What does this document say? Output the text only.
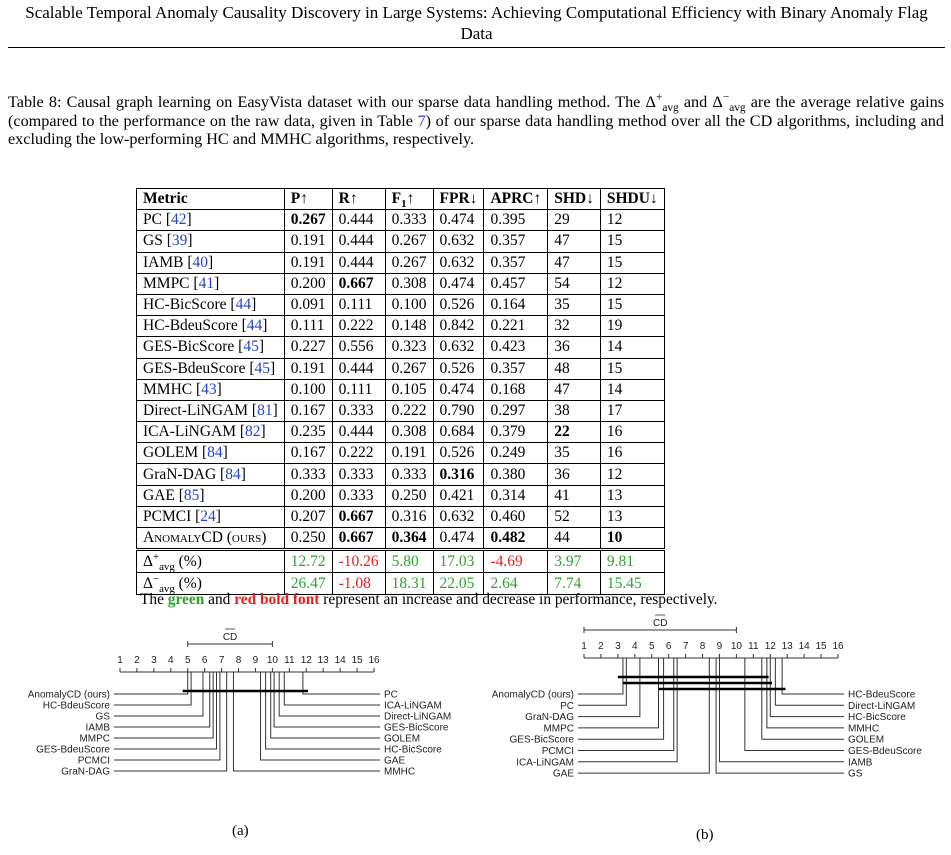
Scalable Temporal Anomaly Causality Discovery in Large Systems: Achieving Computational Efficiency with Binary Anomaly Flag Data
Table 8: Causal graph learning on EasyVista dataset with our sparse data handling method. The $\Delta^+_{avg}$ and $\Delta^-_{avg}$ are the average relative gains (compared to the performance on the raw data, given in Table 7) of our sparse data handling method over all the CD algorithms, including and excluding the low-performing HC and MMHC algorithms, respectively.
Metric	P↑	R↑	$F_1↑$	FPR↓	APRC↑	SHD↓	SHDU↓
PC [42]	0.267	0.444	0.333	0.474	0.395	29	12
GS [39]	0.191	0.444	0.267	0.632	0.357	47	15
IAMB [40]	0.191	0.444	0.267	0.632	0.357	47	15
MMPC [41]	0.200	0.667	0.308	0.474	0.457	54	12
HC-BicScore [44]	0.091	0.111	0.100	0.526	0.164	35	15
HC-BdeuScore [44]	0.111	0.222	0.148	0.842	0.221	32	19
GES-BicScore [45]	0.227	0.556	0.323	0.632	0.423	36	14
GES-BdeuScore [45]	0.191	0.444	0.267	0.526	0.357	48	15
MMHC [43]	0.100	0.111	0.105	0.474	0.168	47	14
Direct-LiNGAM [81]	0.167	0.333	0.222	0.790	0.297	38	17
ICA-LiNGAM [82]	0.235	0.444	0.308	0.684	0.379	22	16
GOLEM [84]	0.167	0.222	0.191	0.526	0.249	35	16
GraN-DAG [84]	0.333	0.333	0.333	0.316	0.380	36	12
GAE [85]	0.200	0.333	0.250	0.421	0.314	41	13
PCMCI [24]	0.207	0.667	0.316	0.632	0.460	52	13
AnomalyCD (ours)	0.250	0.667	0.364	0.474	0.482	44	10
$\Delta^+_{avg}$ (%)	12.72	-10.26	5.80	17.03	-4.69	3.97	9.81
$\Delta^-_{avg}$ (%)	26.47	-1.08	18.31	22.05	2.64	7.74	15.45
The green and red bold font represent an increase and decrease in performance, respectively.
CD
1 2 3 4 5 6 7 8 9 10 11 12 13 14 15 16
AnomalyCD (ours)
HC-BdeuScore
GS
IAMB
MMPC
GES-BdeuScore
PCMCI
GraN-DAG
PC
ICA-LiNGAM
Direct-LiNGAM
GES-BicScore
GOLEM
HC-BicScore
GAE
MMHC
CD
1 2 3 4 5 6 7 8 9 10 11 12 13 14 15 16
AnomalyCD (ours)
PC
GraN-DAG
MMPC
GES-BicScore
PCMCI
ICA-LiNGAM
GAE
HC-BdeuScore
Direct-LiNGAM
HC-BicScore
MMHC
GOLEM
GES-BdeuScore
IAMB
GS
(a)	(b)
